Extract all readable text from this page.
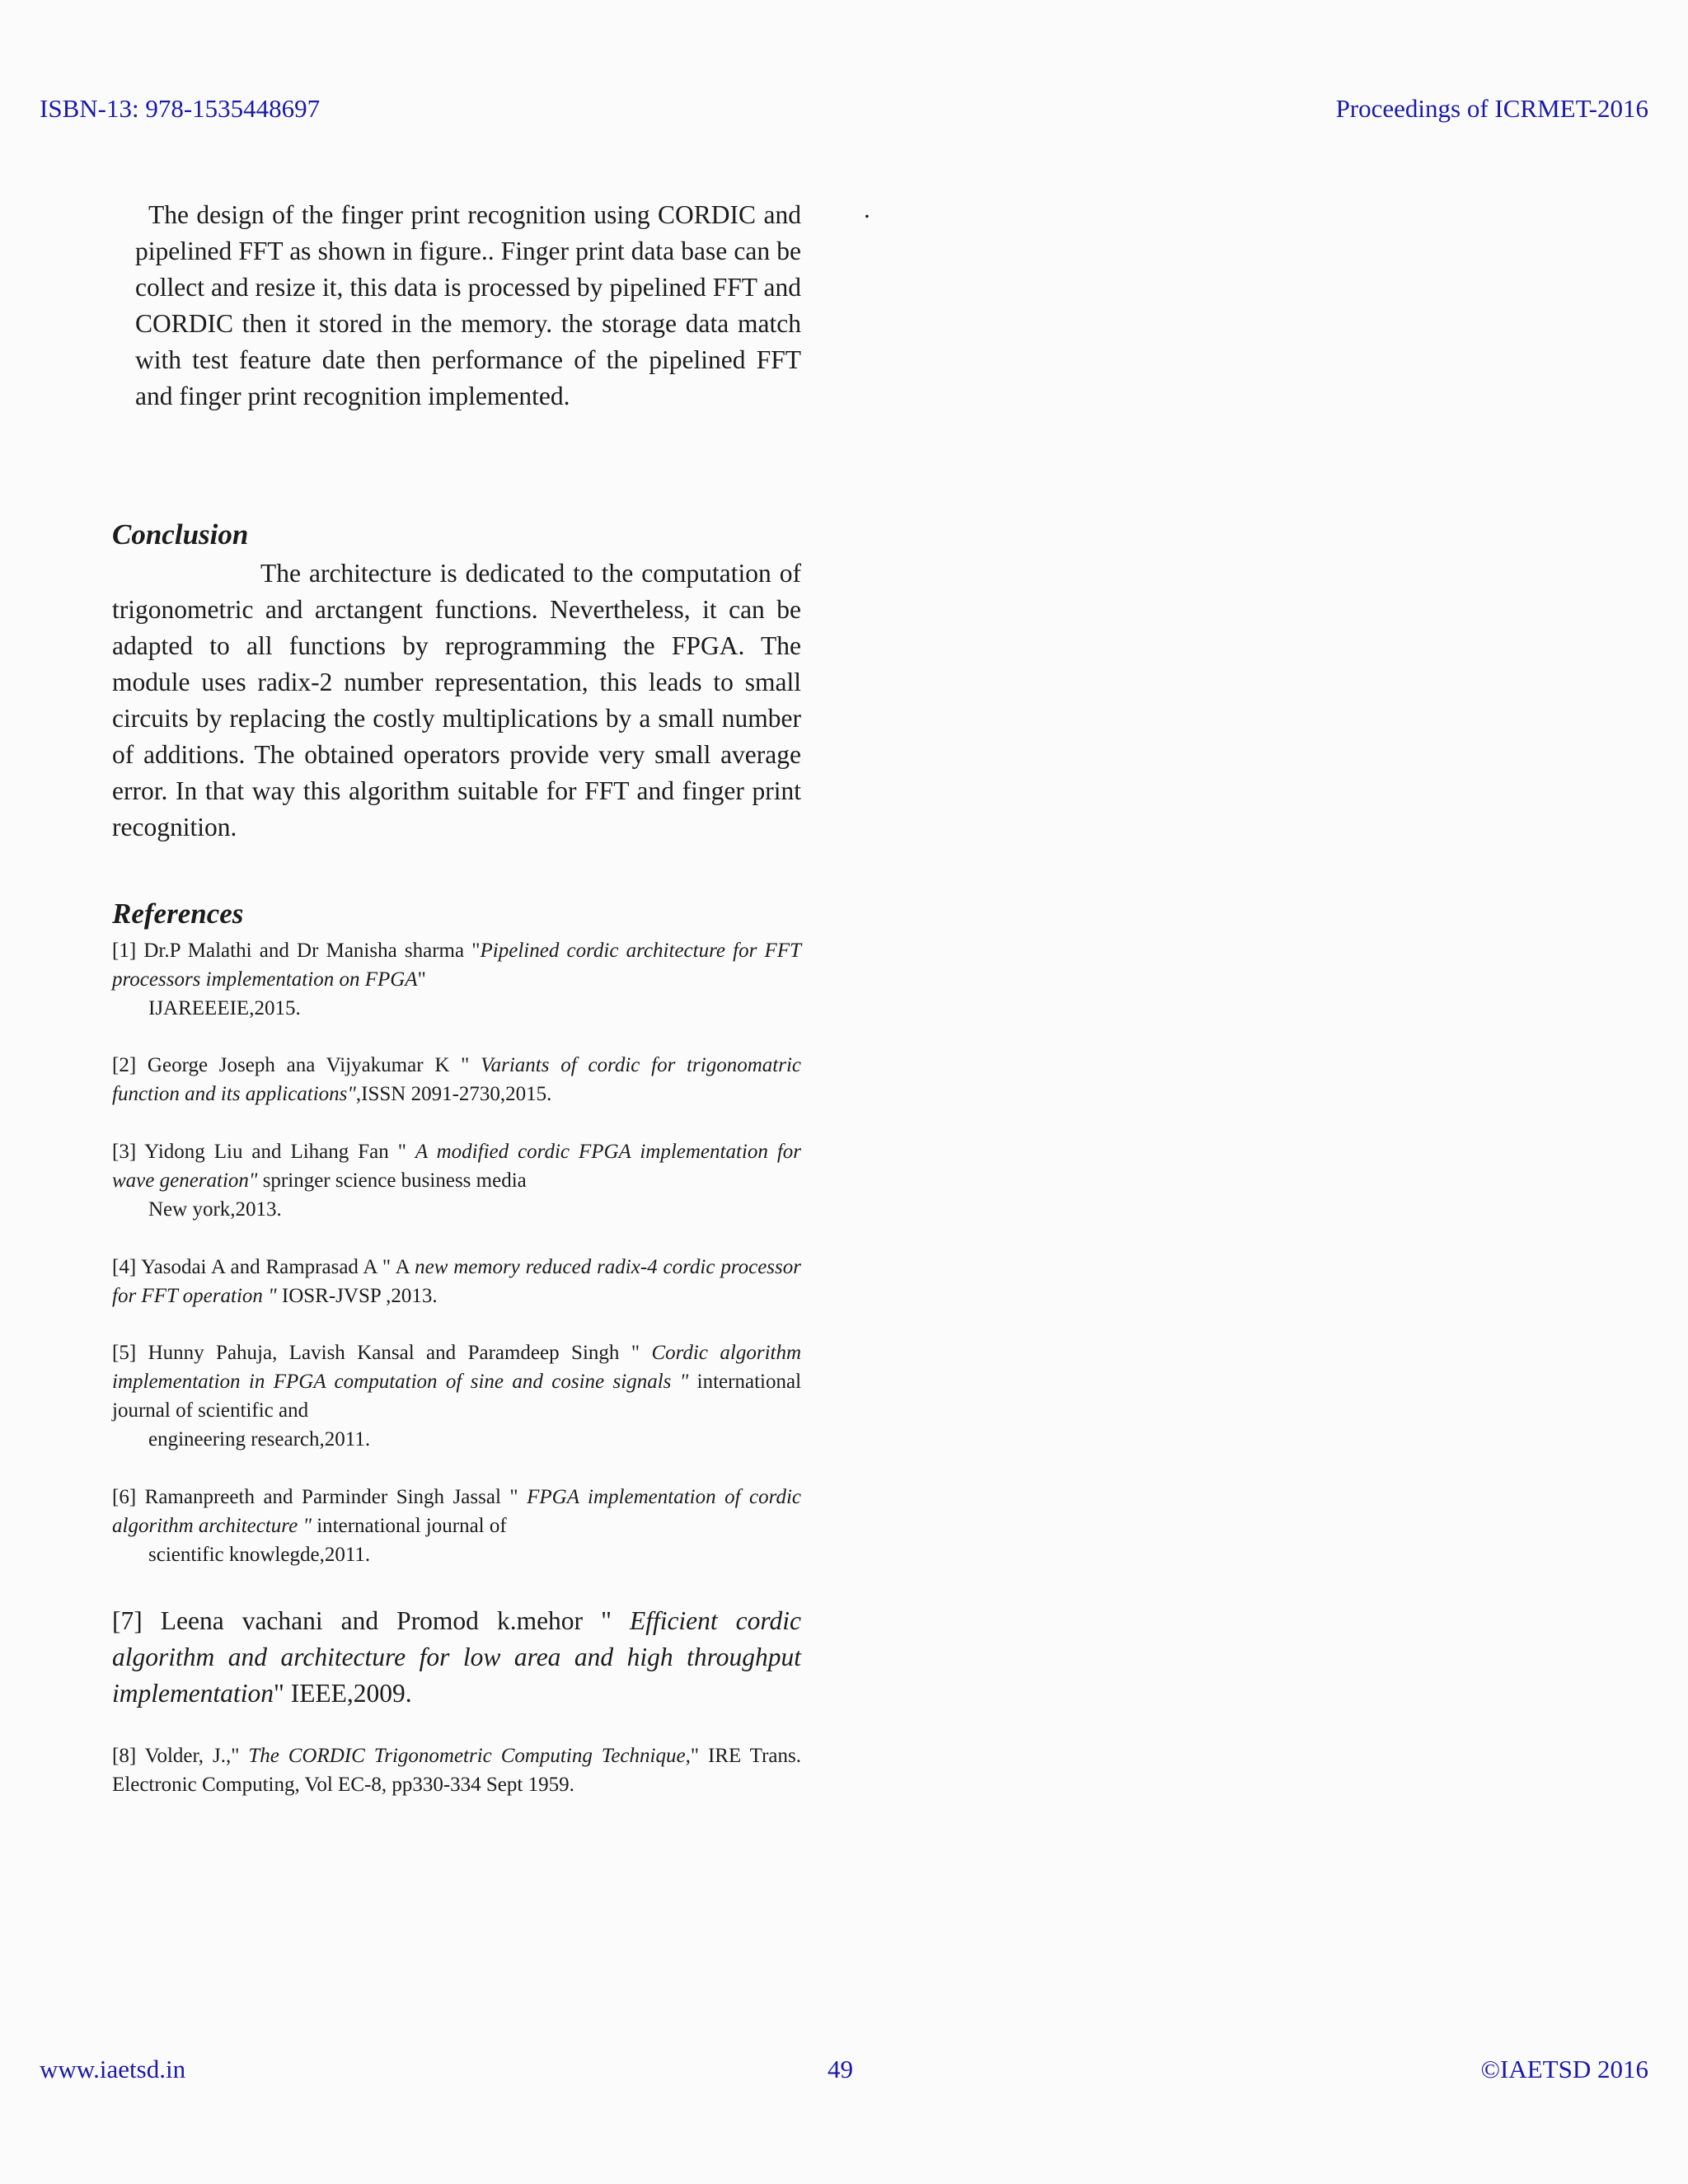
ISBN-13: 978-1535448697	Proceedings of ICRMET-2016

The design of the finger print recognition using CORDIC and pipelined FFT as shown in figure.. Finger print data base can be collect and resize it, this data is processed by pipelined FFT and CORDIC then it stored in the memory. the storage data match with test feature date then performance of the pipelined FFT and finger print recognition implemented.

.
Conclusion

The architecture is dedicated to the computation of trigonometric and arctangent functions. Nevertheless, it can be adapted to all functions by reprogramming the FPGA. The module uses radix-2 number representation, this leads to small circuits by replacing the costly multiplications by a small number of additions. The obtained operators provide very small average error. In that way this algorithm suitable for FFT and finger print recognition.

References

[1] Dr.P Malathi and Dr Manisha sharma "Pipelined cordic architecture for FFT processors implementation on FPGA"
IJAREEEIE,2015.

[2] George Joseph ana Vijyakumar K " Variants of cordic for trigonomatric function and its applications",ISSN 2091-2730,2015.

[3] Yidong Liu and Lihang Fan " A modified cordic FPGA implementation for wave generation" springer science business media
New york,2013.

[4] Yasodai A and Ramprasad A " A new memory reduced radix-4 cordic processor for FFT operation " IOSR-JVSP ,2013.

[5] Hunny Pahuja, Lavish Kansal and Paramdeep Singh " Cordic algorithm implementation in FPGA computation of sine and cosine signals " international journal of scientific and
engineering research,2011.

[6] Ramanpreeth and Parminder Singh Jassal " FPGA implementation of cordic algorithm architecture " international journal of
scientific knowlegde,2011.

[7] Leena vachani and Promod k.mehor " Efficient cordic algorithm and architecture for low area and high throughput implementation" IEEE,2009.

[8] Volder, J.," The CORDIC Trigonometric Computing Technique," IRE Trans. Electronic Computing, Vol EC-8, pp330-334 Sept 1959.

www.iaetsd.in	49	©IAETSD 2016
